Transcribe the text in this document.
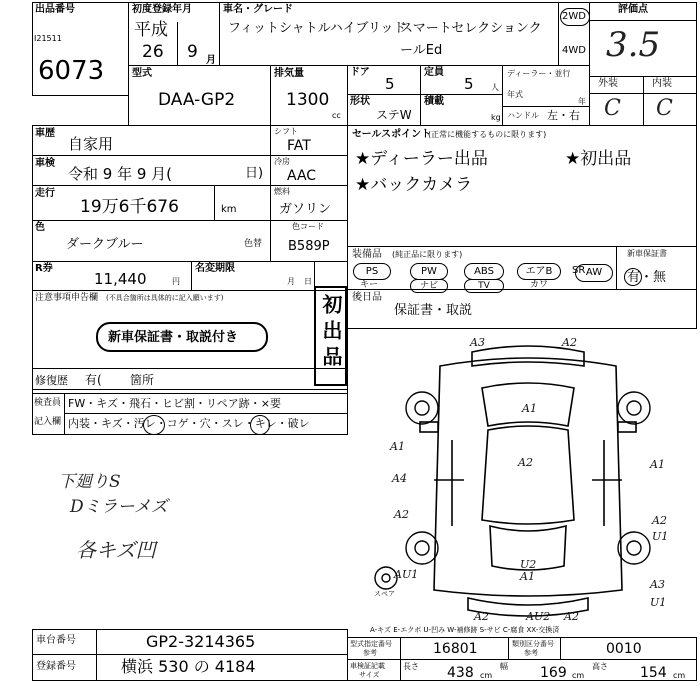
出品番号
I21511
6073
初度登録年月
平成
26 9 月
車名・グレード
フィットシャトルハイブリッド
スマートセレクションク
ールEd
2WD
4WD
評価点
3.5
外装	内装
C C
型式
DAA-GP2
排気量
1300
cc
ドア
5
定員
5 人
形状
ステW
積載
kg
ディーラー・並行
年式
年
ハンドル 左・右
車歴
自家用
車検
令和 9 年 9 月(	日)
走行
19万6千676	km
色
ダークブルー	色替
R券
11,440	円
名変期限
月 日
シフト
FAT
冷房
AAC
燃料
ガソリン
色コード
B589P
セールスポイント
(正常に機能するものに限ります)
★ディーラー出品	★初出品
★バックカメラ
装備品 (純正品に限ります)
PS	PW	ABS	エアB	SR AW
ナビ	TV	カワ
キー
新車保証書
有・無
後日品
保証書・取説
注意事項申告欄 (不具合箇所は具体的に記入願います)
新車保証書・取説付き	初出品
修復歴 有( 箇所
検査員
記入欄
FW・キズ・飛石・ヒビ割・リペア跡・×要
内装・キズ・汚レ・コゲ・穴・スレ・キレ・破レ
下廻りS
Dミラーメズ
各キズ凹
A3	A2
A1
A2
A1
A1
A4
A2	A2
U1
U2
A1
AU1
A3
U1
A2	AU2 A2
スペア
A-キズ E-エクボ U-凹み W-補修跡 S-サビ C-腐食 XX-交換済
車台番号	GP2-3214365
登録番号	横浜 530 の 4184
型式指定番号
参考	16801	類別区分番号
参考	0010
車検証記載
サイズ
長さ 438 cm
幅 169 cm
高さ 154 cm
